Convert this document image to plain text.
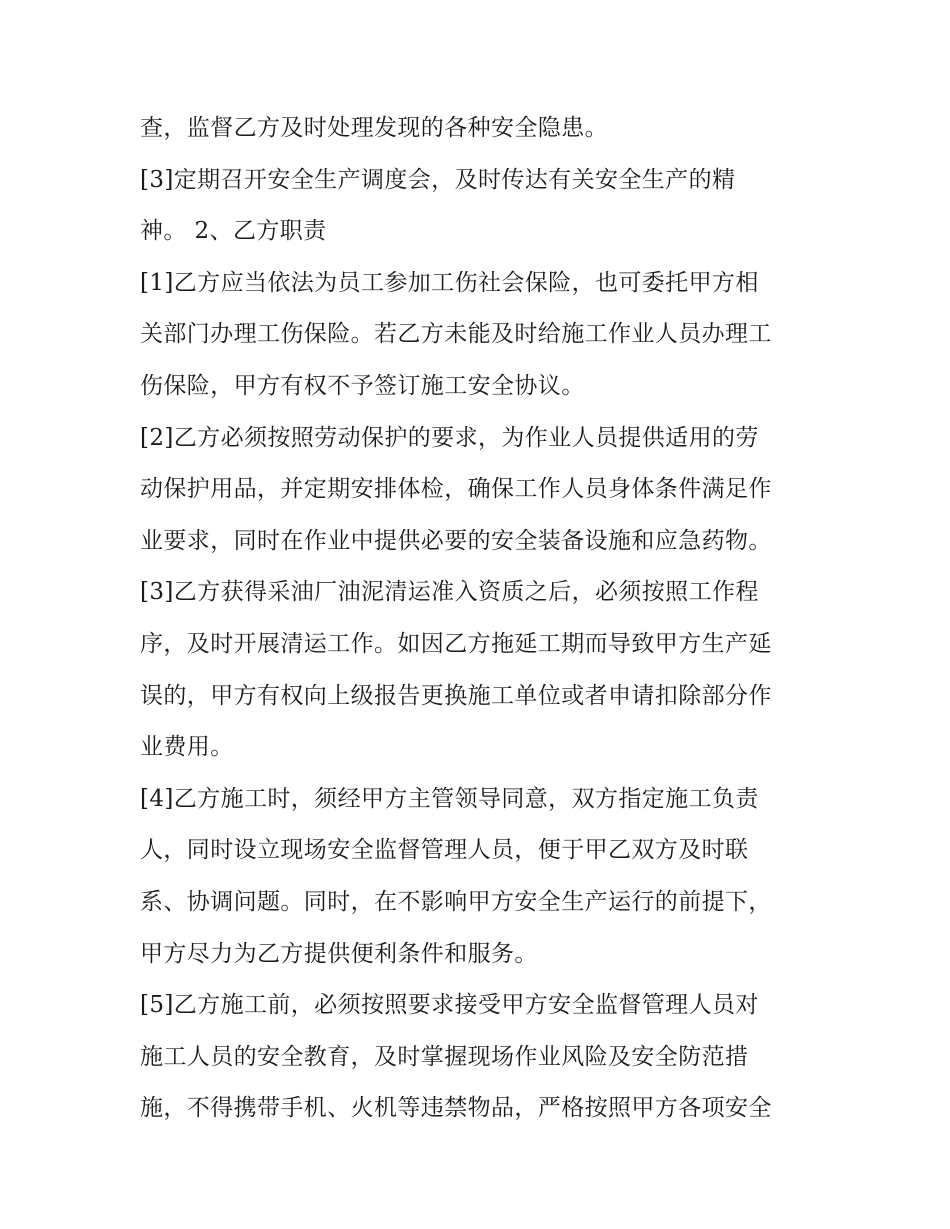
查，监督乙方及时处理发现的各种安全隐患。
[3]定期召开安全生产调度会，及时传达有关安全生产的精
神。 2、乙方职责
[1]乙方应当依法为员工参加工伤社会保险，也可委托甲方相
关部门办理工伤保险。若乙方未能及时给施工作业人员办理工
伤保险，甲方有权不予签订施工安全协议。
[2]乙方必须按照劳动保护的要求，为作业人员提供适用的劳
动保护用品，并定期安排体检，确保工作人员身体条件满足作
业要求，同时在作业中提供必要的安全装备设施和应急药物。
[3]乙方获得采油厂油泥清运准入资质之后，必须按照工作程
序，及时开展清运工作。如因乙方拖延工期而导致甲方生产延
误的，甲方有权向上级报告更换施工单位或者申请扣除部分作
业费用。
[4]乙方施工时，须经甲方主管领导同意，双方指定施工负责
人，同时设立现场安全监督管理人员，便于甲乙双方及时联
系、协调问题。同时，在不影响甲方安全生产运行的前提下，
甲方尽力为乙方提供便利条件和服务。
[5]乙方施工前，必须按照要求接受甲方安全监督管理人员对
施工人员的安全教育，及时掌握现场作业风险及安全防范措
施，不得携带手机、火机等违禁物品，严格按照甲方各项安全
